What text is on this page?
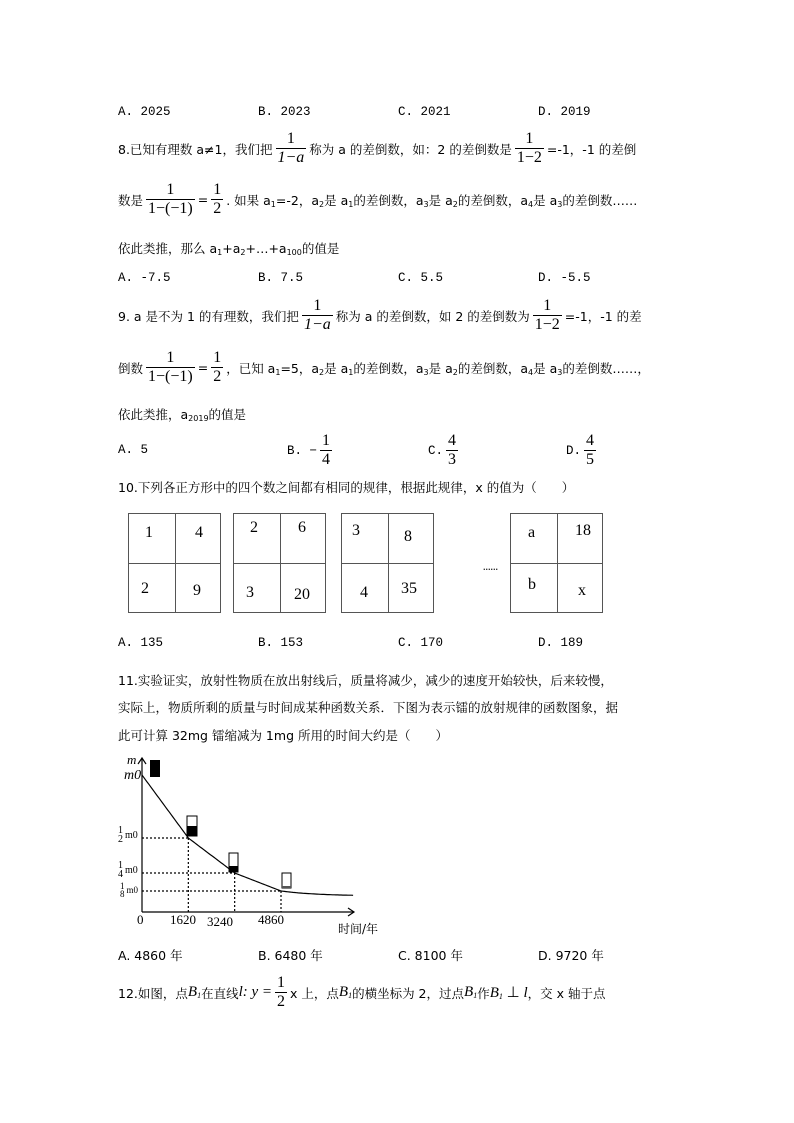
A. 2025	B. 2023	C. 2021	D. 2019
8.已知有理数 a≠1，我们把 $\frac{1}{1-a}$ 称为 a 的差倒数，如：2 的差倒数是 $\frac{1}{1-2} =-1$，-1 的差倒
数是 $\frac{1}{1-(-1)} = \frac{1}{2}$ . 如果 $a_1=-2$，$a_2$是 $a_1$的差倒数，$a_3$是 $a_2$的差倒数，$a_4$是 $a_3$的差倒数……
依此类推，那么 $a_1+a_2+\dots+a_{100}$的值是
A. -7.5	B. 7.5	C. 5.5	D. -5.5
9. a 是不为 1 的有理数，我们把 $\frac{1}{1-a}$ 称为 a 的差倒数，如 2 的差倒数为 $\frac{1}{1-2} =-1$，-1 的差
倒数 $\frac{1}{1-(-1)} = \frac{1}{2}$ ，已知 $a_1=5$，$a_2$是 $a_1$的差倒数，$a_3$是 $a_2$的差倒数，$a_4$是 $a_3$的差倒数……，
依此类推，$a_{2019}$的值是
A. 5	B. − $\frac{1}{4}$	C. $\frac{4}{3}$	D. $\frac{4}{5}$
10.下列各正方形中的四个数之间都有相同的规律，根据此规律，x 的值为（　　）
1	4
2	9
2	6
3	20
3	8
4 35
……
a 18
b	x
A. 135	B. 153	C. 170	D. 189
11.实验证实，放射性物质在放出射线后，质量将减少，减少的速度开始较快，后来较慢，
实际上，物质所剩的质量与时间成某种函数关系．下图为表示镭的放射规律的函数图象，据
此可计算 32mg 镭缩减为 1mg 所用的时间大约是（　　）
m
m0
1
2 m0
1
4 m0
1
8 m0
0 1620 3240 4860
时间/年
A. 4860 年	B. 6480 年	C. 8100 年	D. 9720 年
12.如图，点 $B_1$ 在直线 l: $y = \frac{1}{2}$ x 上，点 $B_1$ 的横坐标为 2，过点 $B_1$ 作 $B_1$ ⊥ l ，交 x 轴于点
